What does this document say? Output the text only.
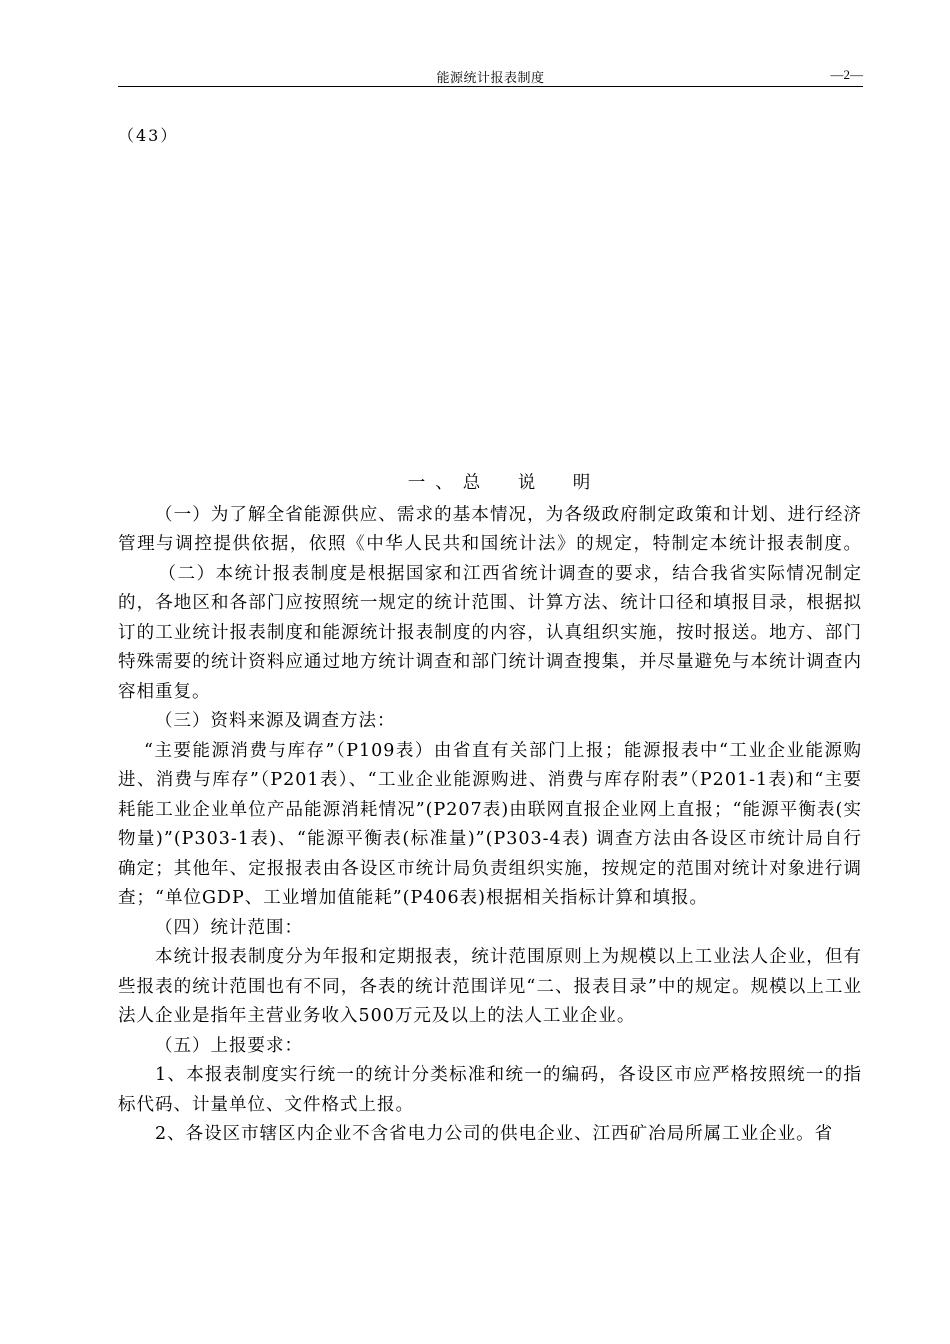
能源统计报表制度	—2—
（43）
一、总　说　明

（一）为了解全省能源供应、需求的基本情况，为各级政府制定政策和计划、进行经济管理与调控提供依据，依照《中华人民共和国统计法》的规定，特制定本统计报表制度。（二）本统计报表制度是根据国家和江西省统计调查的要求，结合我省实际情况制定的，各地区和各部门应按照统一规定的统计范围、计算方法、统计口径和填报目录，根据拟订的工业统计报表制度和能源统计报表制度的内容，认真组织实施，按时报送。地方、部门特殊需要的统计资料应通过地方统计调查和部门统计调查搜集，并尽量避免与本统计调查内容相重复。

（三）资料来源及调查方法：

“主要能源消费与库存”（P109表）由省直有关部门上报；能源报表中“工业企业能源购进、消费与库存”（P201表）、“工业企业能源购进、消费与库存附表”（P201-1表)和“主要耗能工业企业单位产品能源消耗情况”(P207表)由联网直报企业网上直报；“能源平衡表(实物量)”(P303-1表)、“能源平衡表(标准量)”(P303-4表) 调查方法由各设区市统计局自行确定；其他年、定报报表由各设区市统计局负责组织实施，按规定的范围对统计对象进行调查；“单位GDP、工业增加值能耗”(P406表)根据相关指标计算和填报。

（四）统计范围：

本统计报表制度分为年报和定期报表，统计范围原则上为规模以上工业法人企业，但有些报表的统计范围也有不同，各表的统计范围详见“二、报表目录”中的规定。规模以上工业法人企业是指年主营业务收入500万元及以上的法人工业企业。

（五）上报要求：

1、本报表制度实行统一的统计分类标准和统一的编码，各设区市应严格按照统一的指标代码、计量单位、文件格式上报。

2、各设区市辖区内企业不含省电力公司的供电企业、江西矿冶局所属工业企业。省
